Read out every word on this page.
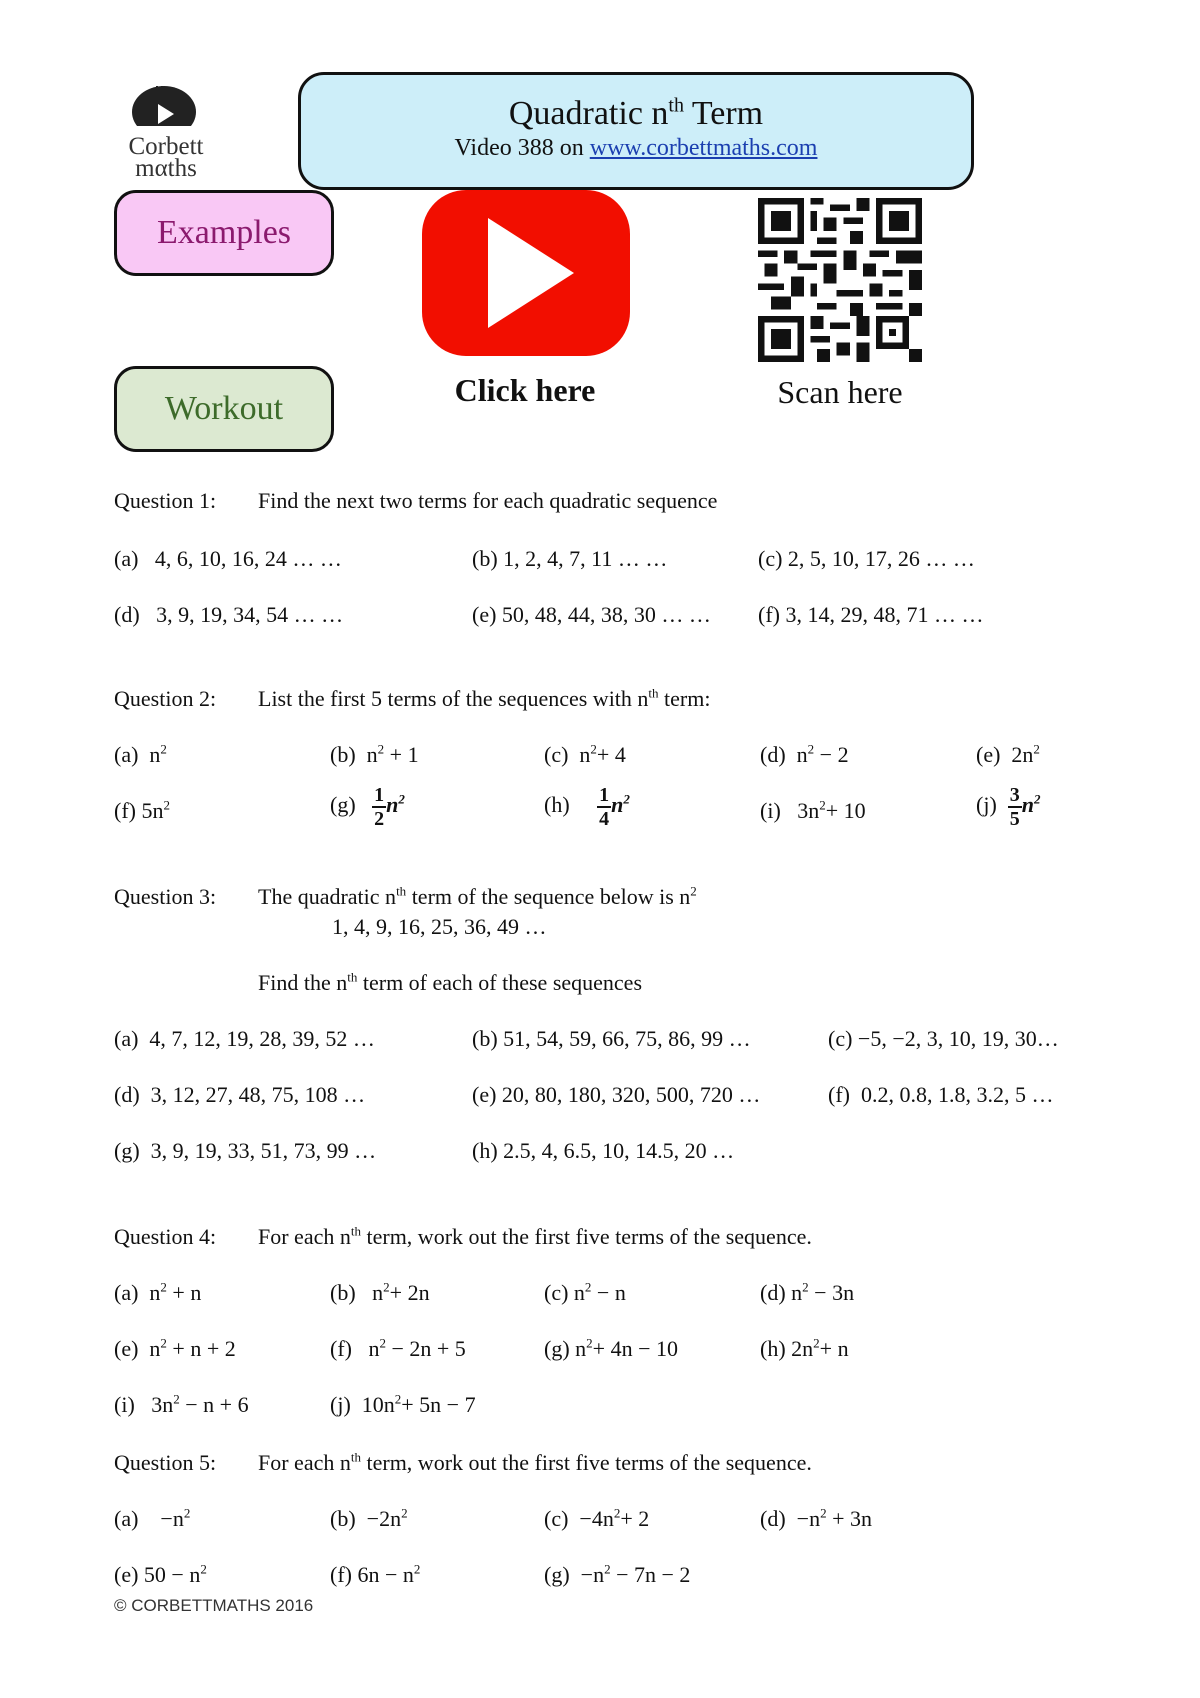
Corbett
mαths
Quadratic $n^{th}$ Term
Video 388 on www.corbettmaths.com
Examples
Workout	Click here	Scan here
Question 1: Find the next two terms for each quadratic sequence
(a) 4, 6, 10, 16, 24 … …	(b) 1, 2, 4, 7, 11 … …	(c) 2, 5, 10, 17, 26 … …
(d) 3, 9, 19, 34, 54 … …	(e) 50, 48, 44, 38, 30 … … (f) 3, 14, 29, 48, 71 … …
Question 2: List the first 5 terms of the sequences with $n^{th}$ term:
(a) $n^2$	(b) $n^2 + 1$	(c) $n^2+ 4$	(d) $n^2 - 2$	(e) $2n^2$
(f) $5n^2$	$(g) \frac{1}{2} n^2$	$(h) \frac{1}{4} n^2$	(i) $3n^2+ 10$	$(j) \frac{3}{5} n^2$
Question 3: The quadratic $n^{th}$ term of the sequence below is $n^2$
1, 4, 9, 16, 25, 36, 49 …
Find the $n^{th}$ term of each of these sequences
(a) 4, 7, 12, 19, 28, 39, 52 …	(b) 51, 54, 59, 66, 75, 86, 99 …	(c) −5, −2, 3, 10, 19, 30…
(d) 3, 12, 27, 48, 75, 108 …	(e) 20, 80, 180, 320, 500, 720 …	(f) 0.2, 0.8, 1.8, 3.2, 5 …
(g) 3, 9, 19, 33, 51, 73, 99 …	(h) 2.5, 4, 6.5, 10, 14.5, 20 …
Question 4: For each $n^{th}$ term, work out the first five terms of the sequence.
(a) $n^2 + n$	(b) $n^2+ 2n$	(c) $n^2 - n$	(d) $n^2 - 3n$
(e) $n^2 + n + 2$	(f) $n^2 - 2n + 5$	(g) $n^2+ 4n - 10$	(h) $2n^2+ n$
(i) $3n^2 - n + 6$	(j) $10n^2+ 5n - 7$
Question 5: For each $n^{th}$ term, work out the first five terms of the sequence.
$(a) -n^2$	$(b) -2n^2$	$(c) -4n^2+ 2$	$(d) -n^2 + 3n$
(e) $50 - n^2$	(f) $6n - n^2$	$(g) -n^2 - 7n - 2$
© CORBETTMATHS 2016
